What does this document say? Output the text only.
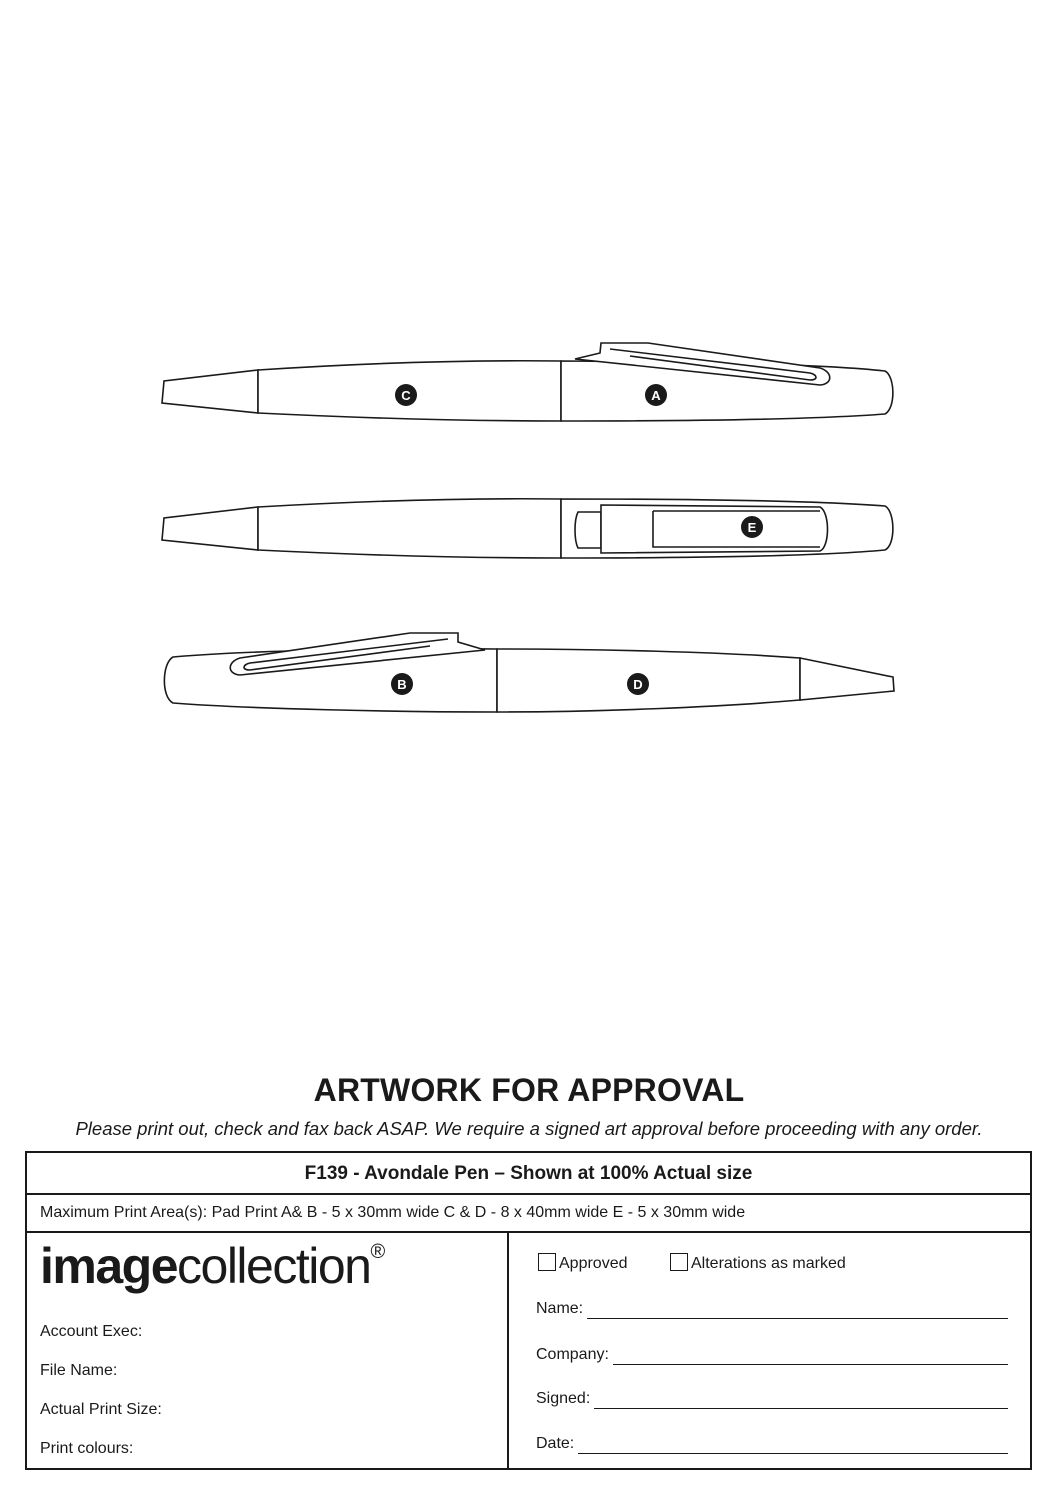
A
B
C
D
E
ARTWORK FOR APPROVAL
Please print out, check and fax back ASAP. We require a signed art approval before proceeding with any order.
F139 - Avondale Pen – Shown at 100% Actual size
Maximum Print Area(s): Pad Print A& B - 5 x 30mm wide C & D - 8 x 40mm wide E - 5 x 30mm wide
imagecollection®
Account Exec:
File Name:
Actual Print Size:
Print colours:
Approved	Alterations as marked
Name:
Company:
Signed:
Date:
